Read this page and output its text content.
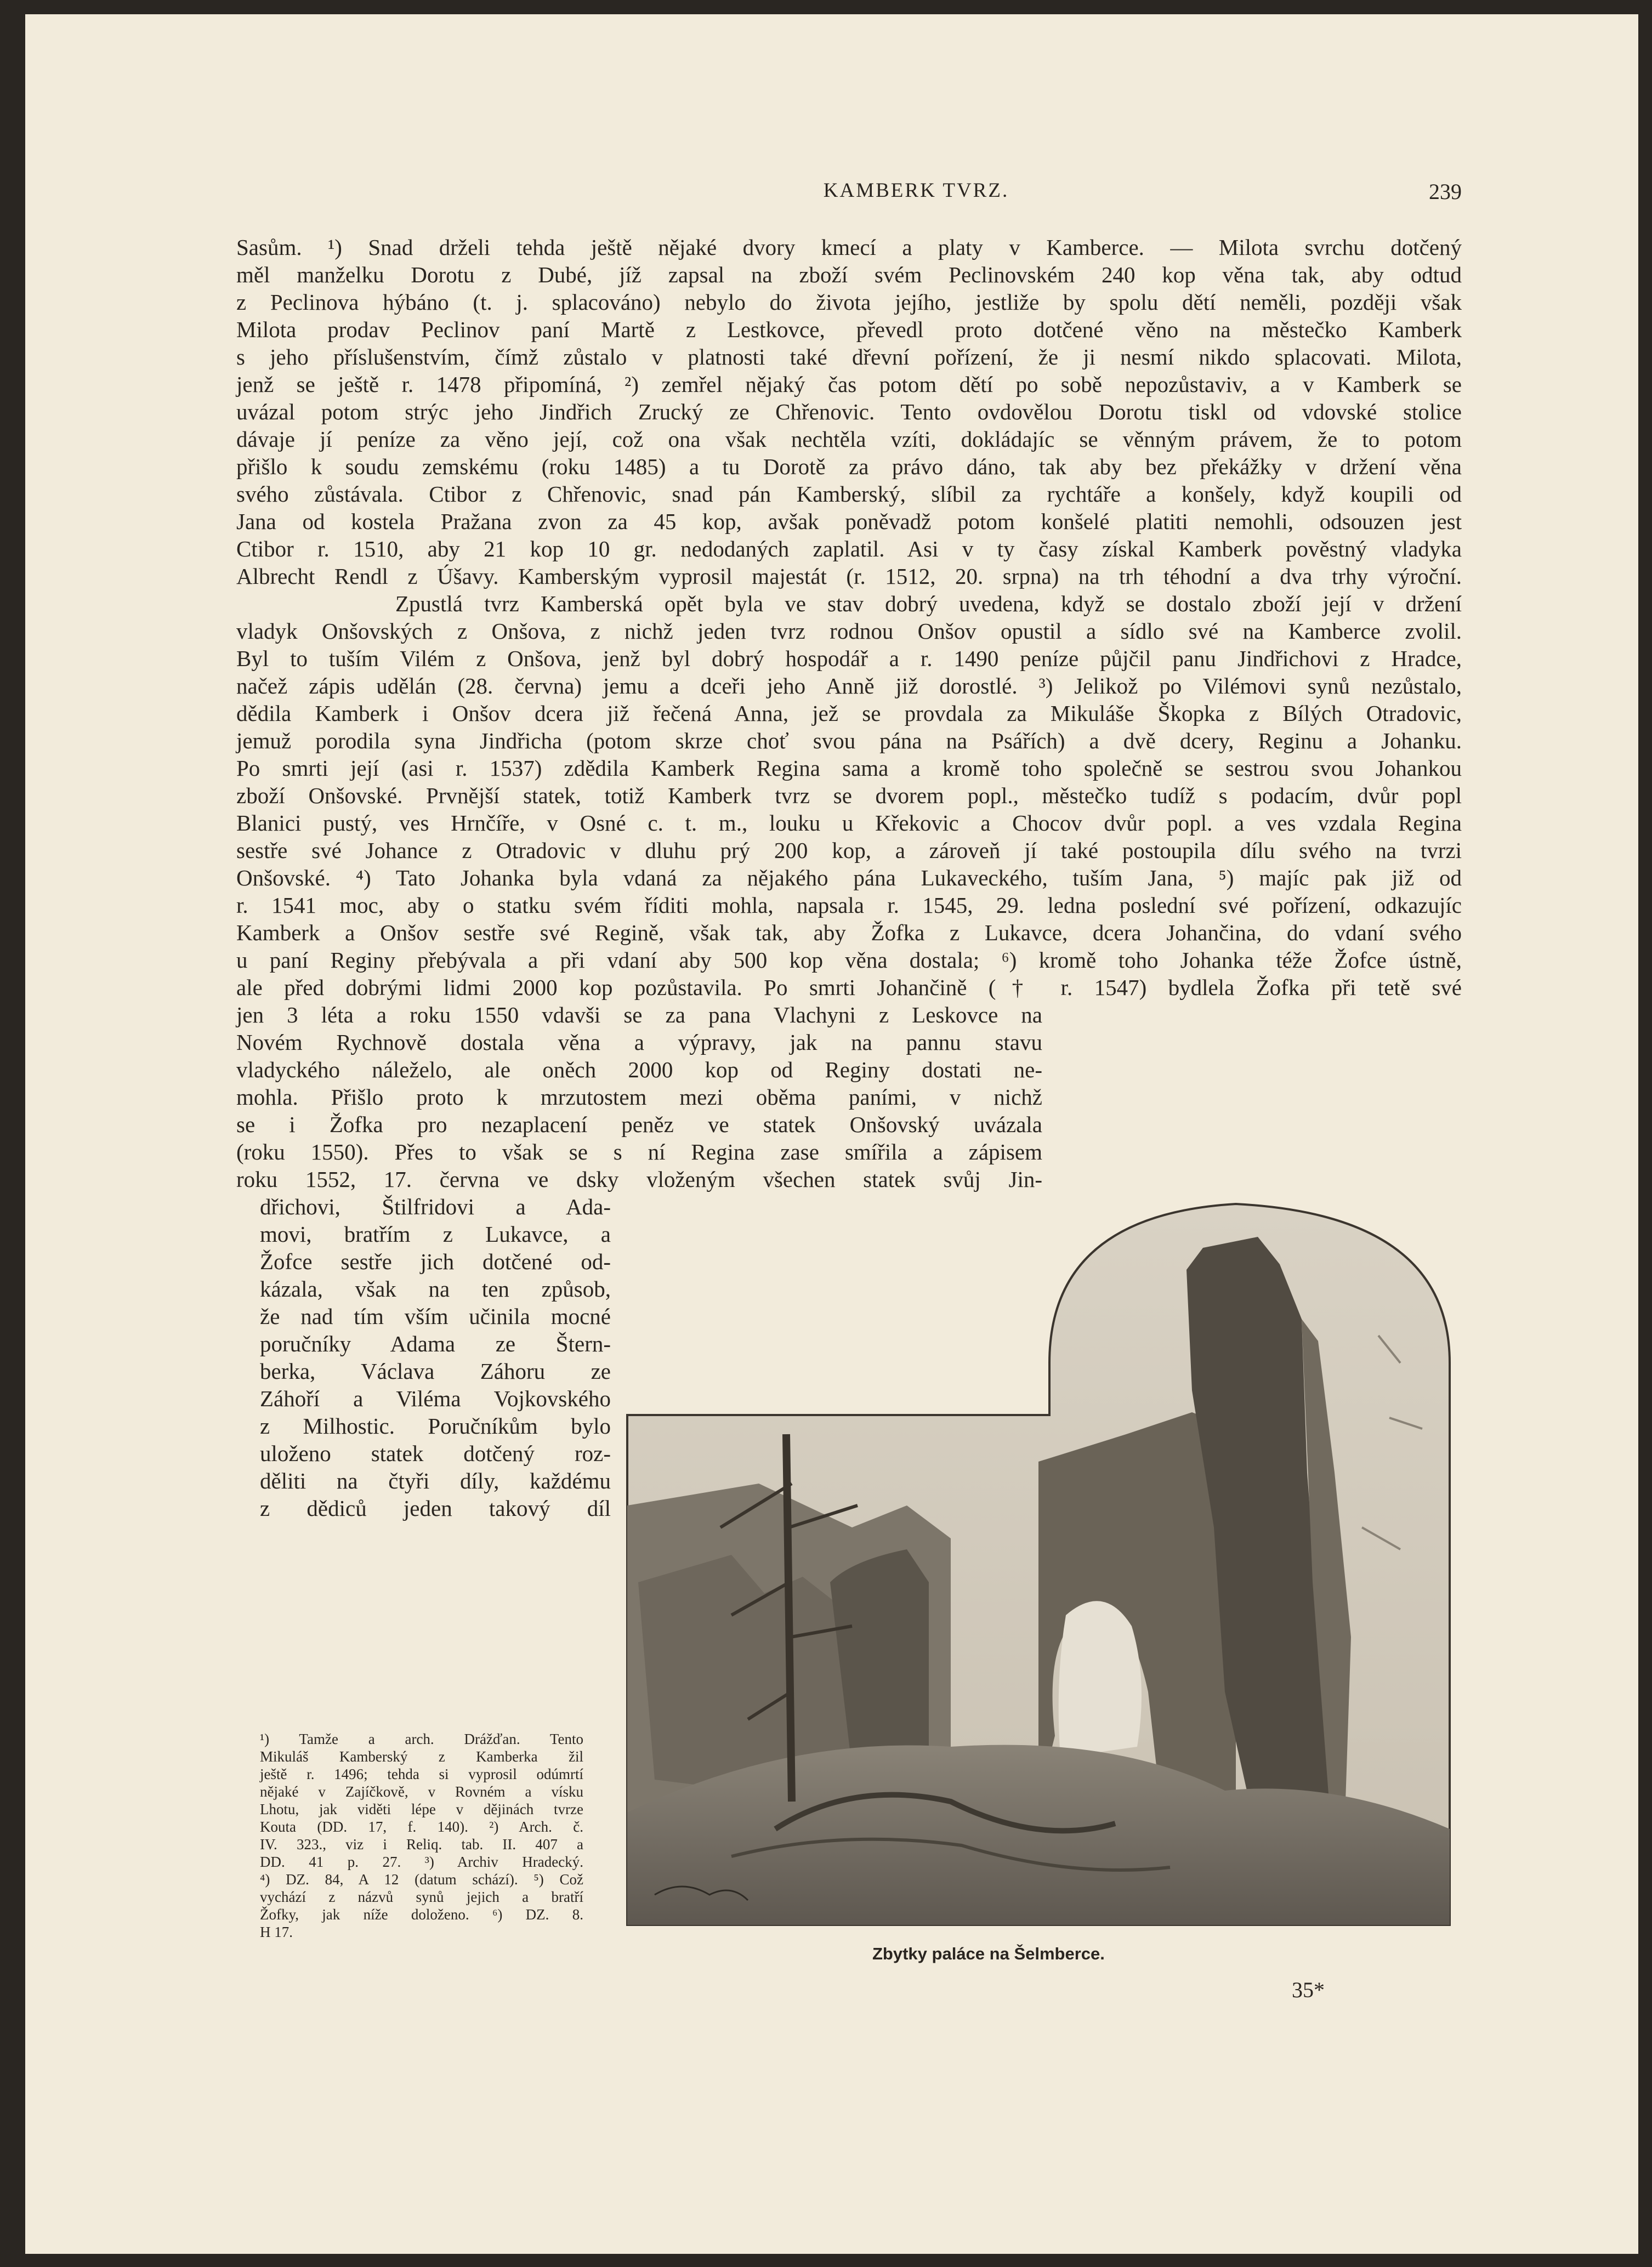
KAMBERK TVRZ.	239
Sasům. ¹) Snad drželi tehda ještě nějaké dvory kmecí a platy v Kamberce. — Milota svrchu dotčený
měl manželku Dorotu z Dubé, jíž zapsal na zboží svém Peclinovském 240 kop věna tak, aby odtud
z Peclinova hýbáno (t. j. splacováno) nebylo do života jejího, jestliže by spolu dětí neměli, později však
Milota prodav Peclinov paní Martě z Lestkovce, převedl proto dotčené věno na městečko Kamberk
s jeho příslušenstvím, čímž zůstalo v platnosti také dřevní pořízení, že ji nesmí nikdo splacovati. Milota,
jenž se ještě r. 1478 připomíná, ²) zemřel nějaký čas potom dětí po sobě nepozůstaviv, a v Kamberk se
uvázal potom strýc jeho Jindřich Zrucký ze Chřenovic. Tento ovdovělou Dorotu tiskl od vdovské stolice
dávaje jí peníze za věno její, což ona však nechtěla vzíti, dokládajíc se věnným právem, že to potom
přišlo k soudu zemskému (roku 1485) a tu Dorotě za právo dáno, tak aby bez překážky v držení věna
svého zůstávala. Ctibor z Chřenovic, snad pán Kamberský, slíbil za rychtáře a konšely, když koupili od
Jana od kostela Pražana zvon za 45 kop, avšak poněvadž potom konšelé platiti nemohli, odsouzen jest
Ctibor r. 1510, aby 21 kop 10 gr. nedodaných zaplatil. Asi v ty časy získal Kamberk pověstný vladyka
Albrecht Rendl z Úšavy. Kamberským vyprosil majestát (r. 1512, 20. srpna) na trh téhodní a dva trhy výroční.
Zpustlá tvrz Kamberská opět byla ve stav dobrý uvedena, když se dostalo zboží její v držení
vladyk Onšovských z Onšova, z nichž jeden tvrz rodnou Onšov opustil a sídlo své na Kamberce zvolil.
Byl to tuším Vilém z Onšova, jenž byl dobrý hospodář a r. 1490 peníze půjčil panu Jindřichovi z Hradce,
načež zápis udělán (28. června) jemu a dceři jeho Anně již dorostlé. ³) Jelikož po Vilémovi synů nezůstalo,
dědila Kamberk i Onšov dcera již řečená Anna, jež se provdala za Mikuláše Škopka z Bílých Otradovic,
jemuž porodila syna Jindřicha (potom skrze choť svou pána na Psářích) a dvě dcery, Reginu a Johanku.
Po smrti její (asi r. 1537) zdědila Kamberk Regina sama a kromě toho společně se sestrou svou Johankou
zboží Onšovské. Prvnější statek, totiž Kamberk tvrz se dvorem popl., městečko tudíž s podacím, dvůr popl
Blanici pustý, ves Hrnčíře, v Osné c. t. m., louku u Křekovic a Chocov dvůr popl. a ves vzdala Regina
sestře své Johance z Otradovic v dluhu prý 200 kop, a zároveň jí také postoupila dílu svého na tvrzi
Onšovské. ⁴) Tato Johanka byla vdaná za nějakého pána Lukaveckého, tuším Jana, ⁵) majíc pak již od
r. 1541 moc, aby o statku svém říditi mohla, napsala r. 1545, 29. ledna poslední své pořízení, odkazujíc
Kamberk a Onšov sestře své Regině, však tak, aby Žofka z Lukavce, dcera Johančina, do vdaní svého
u paní Reginy přebývala a při vdaní aby 500 kop věna dostala; ⁶) kromě toho Johanka téže Žofce ústně,
ale před dobrými lidmi 2000 kop pozůstavila. Po smrti Johančině († r. 1547) bydlela Žofka při tetě své
jen 3 léta a roku 1550 vdavši se za pana Vlachyni z Leskovce na
Novém Rychnově dostala věna a výpravy, jak na pannu stavu
vladyckého náleželo, ale oněch 2000 kop od Reginy dostati ne-
mohla. Přišlo proto k mrzutostem mezi oběma paními, v nichž
se i Žofka pro nezaplacení peněz ve statek Onšovský uvázala
(roku 1550). Přes to však se s ní Regina zase smířila a zápisem
roku 1552, 17. června ve dsky vloženým všechen statek svůj Jin-
dřichovi, Štilfridovi a Ada-
movi, bratřím z Lukavce, a
Žofce sestře jich dotčené od-
kázala, však na ten způsob,
že nad tím vším učinila mocné
poručníky Adama ze Štern-
berka, Václava Záhoru ze
Záhoří a Viléma Vojkovského
z Milhostic. Poručníkům bylo
uloženo statek dotčený roz-
děliti na čtyři díly, každému
z dědiců jeden takový díl
¹) Tamže a arch. Drážďan. Tento
Mikuláš Kamberský z Kamberka žil
ještě r. 1496; tehda si vyprosil odúmrtí
nějaké v Zajíčkově, v Rovném a vísku
Lhotu, jak viděti lépe v dějinách tvrze
Kouta (DD. 17, f. 140). ²) Arch. č.
IV. 323., viz i Reliq. tab. II. 407 a
DD. 41 p. 27. ³) Archiv Hradecký.
⁴) DZ. 84, A 12 (datum schází). ⁵) Což
vychází z názvů synů jejich a bratří
Žofky, jak níže doloženo. ⁶) DZ. 8.
H 17.
Zbytky paláce na Šelmberce.
35*
